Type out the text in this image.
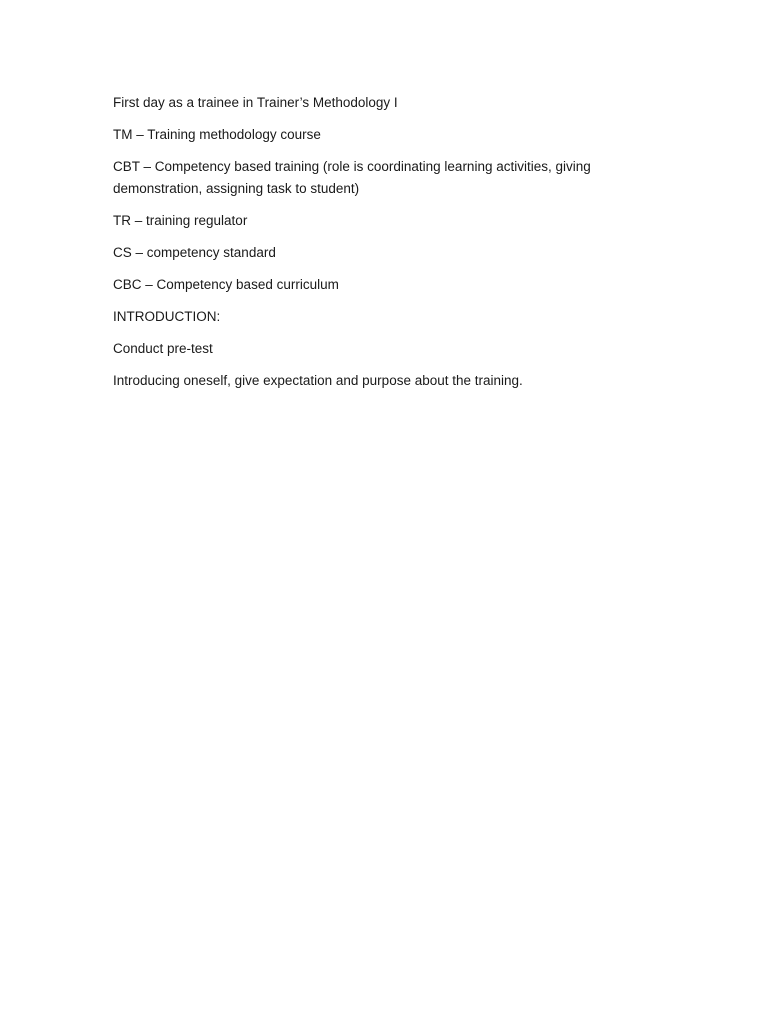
First day as a trainee in Trainer’s Methodology I

TM – Training methodology course

CBT – Competency based training (role is coordinating learning activities, giving demonstration, assigning task to student)

TR – training regulator

CS – competency standard

CBC – Competency based curriculum

INTRODUCTION:

Conduct pre-test

Introducing oneself, give expectation and purpose about the training.
